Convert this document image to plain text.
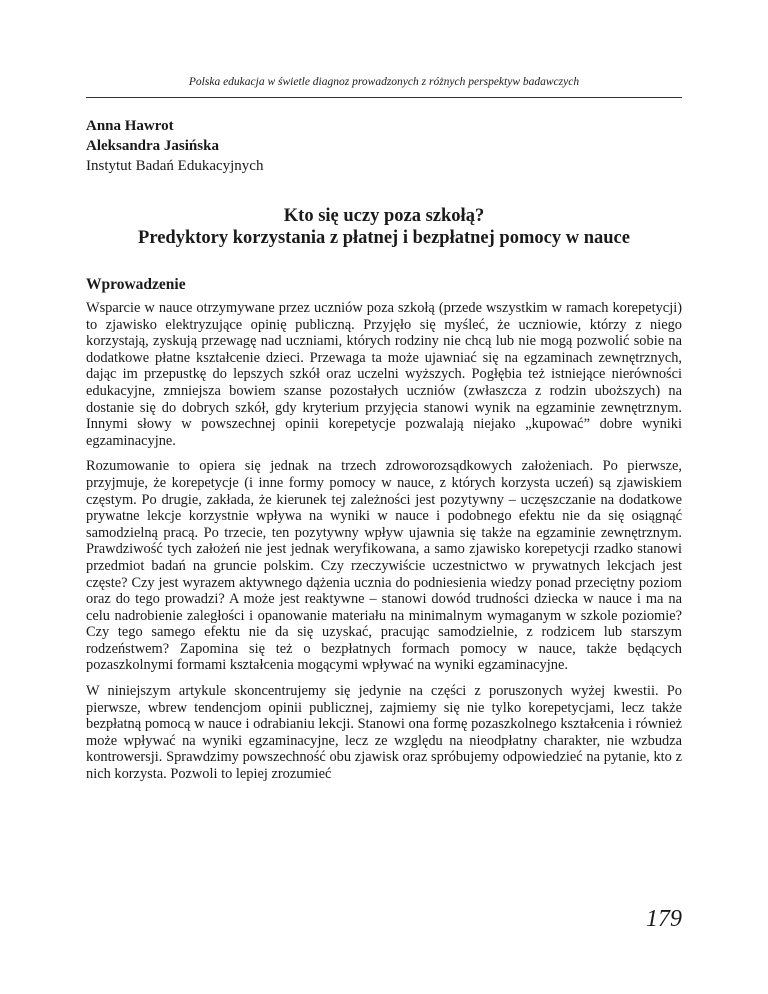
Polska edukacja w świetle diagnoz prowadzonych z różnych perspektyw badawczych
Anna Hawrot
Aleksandra Jasińska
Instytut Badań Edukacyjnych
Kto się uczy poza szkołą?
Predyktory korzystania z płatnej i bezpłatnej pomocy w nauce
Wprowadzenie

Wsparcie w nauce otrzymywane przez uczniów poza szkołą (przede wszystkim w ramach korepetycji) to zjawisko elektryzujące opinię publiczną. Przyjęło się myśleć, że uczniowie, którzy z niego korzystają, zyskują przewagę nad uczniami, których rodziny nie chcą lub nie mogą pozwolić sobie na dodatkowe płatne kształcenie dzieci. Przewaga ta może ujawniać się na egzaminach zewnętrznych, dając im przepustkę do lepszych szkół oraz uczelni wyższych. Pogłębia też istniejące nierówności edukacyjne, zmniejsza bowiem szanse pozostałych uczniów (zwłaszcza z rodzin uboższych) na dostanie się do dobrych szkół, gdy kryterium przyjęcia stanowi wynik na egzaminie zewnętrznym. Innymi słowy w powszechnej opinii korepetycje pozwalają niejako „kupować” dobre wyniki egzaminacyjne.

Rozumowanie to opiera się jednak na trzech zdroworozsądkowych założeniach. Po pierwsze, przyjmuje, że korepetycje (i inne formy pomocy w nauce, z których korzysta uczeń) są zjawiskiem częstym. Po drugie, zakłada, że kierunek tej zależności jest pozytywny – uczęszczanie na dodatkowe prywatne lekcje korzystnie wpływa na wyniki w nauce i podobnego efektu nie da się osiągnąć samodzielną pracą. Po trzecie, ten pozytywny wpływ ujawnia się także na egzaminie zewnętrznym. Prawdziwość tych założeń nie jest jednak weryfikowana, a samo zjawisko korepetycji rzadko stanowi przedmiot badań na gruncie polskim. Czy rzeczywiście uczestnictwo w prywatnych lekcjach jest częste? Czy jest wyrazem aktywnego dążenia ucznia do podniesienia wiedzy ponad przeciętny poziom oraz do tego prowadzi? A może jest reaktywne – stanowi dowód trudności dziecka w nauce i ma na celu nadrobienie zaległości i opanowanie materiału na minimalnym wymaganym w szkole poziomie? Czy tego samego efektu nie da się uzyskać, pracując samodzielnie, z rodzicem lub starszym rodzeństwem? Zapomina się też o bezpłatnych formach pomocy w nauce, także będących pozaszkolnymi formami kształcenia mogącymi wpływać na wyniki egzaminacyjne.

W niniejszym artykule skoncentrujemy się jedynie na części z poruszonych wyżej kwestii. Po pierwsze, wbrew tendencjom opinii publicznej, zajmiemy się nie tylko korepetycjami, lecz także bezpłatną pomocą w nauce i odrabianiu lekcji. Stanowi ona formę pozaszkolnego kształcenia i również może wpływać na wyniki egzaminacyjne, lecz ze względu na nieodpłatny charakter, nie wzbudza kontrowersji. Sprawdzimy powszechność obu zjawisk oraz spróbujemy odpowiedzieć na pytanie, kto z nich korzysta. Pozwoli to lepiej zrozumieć

179
